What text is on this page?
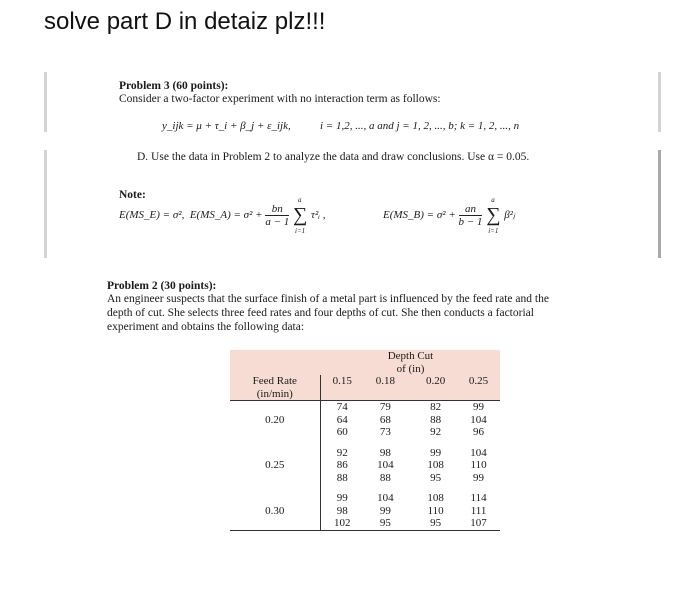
solve part D in detaiz plz!!!
Problem 3 (60 points):
Consider a two-factor experiment with no interaction term as follows:
y_ijk = μ + τ_i + β_j + ε_ijk,	i = 1,2, ..., a and j = 1, 2, ..., b; k = 1, 2, ..., n
D. Use the data in Problem 2 to analyze the data and draw conclusions. Use α = 0.05.
Note:
E(MS_E) = σ², E(MS_A) = $\sigma^2 + \frac{bn}{a - 1}$ ∑
a
i=1
τ²ᵢ ,	E(MS_B) = $\sigma^2 + \frac{an}{b - 1}$ ∑
a
i=1
β²ⱼ
Problem 2 (30 points):
An engineer suspects that the surface finish of a metal part is influenced by the feed rate and the
depth of cut. She selects three feed rates and four depths of cut. She then conducts a factorial
experiment and obtains the following data:
		Depth Cut			
		of (in)			
Feed Rate	0.15	0.18		0.20	0.25
(in/min)					
	74	79		82	99
0.20	64	68		88	104
	60	73		92	96

	92	98		99	104
0.25	86	104		108	110
	88	88		95	99

	99	104		108	114
0.30	98	99		110	111
	102	95		95	107
